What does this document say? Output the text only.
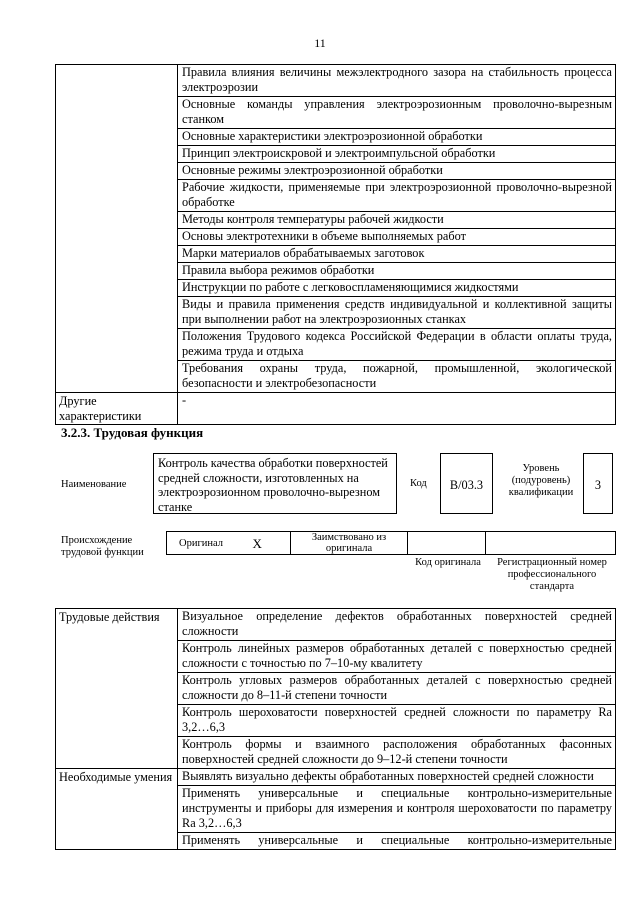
11
	Правила влияния величины межэлектродного зазора на стабильность процесса электроэрозии
	Основные команды управления электроэрозионным проволочно-вырезным станком
	Основные характеристики электроэрозионной обработки
	Принцип электроискровой и электроимпульсной обработки
	Основные режимы электроэрозионной обработки
	Рабочие жидкости, применяемые при электроэрозионной проволочно-вырезной обработке
	Методы контроля температуры рабочей жидкости
	Основы электротехники в объеме выполняемых работ
	Марки материалов обрабатываемых заготовок
	Правила выбора режимов обработки
	Инструкции по работе с легковоспламеняющимися жидкостями
	Виды и правила применения средств индивидуальной и коллективной защиты при выполнении работ на электроэрозионных станках
	Положения Трудового кодекса Российской Федерации в области оплаты труда, режима труда и отдыха
	Требования охраны труда, пожарной, промышленной, экологической безопасности и электробезопасности
Другие характеристики	-
3.2.3. Трудовая функция
Наименование
Контроль качества обработки поверхностей средней сложности, изготовленных на электроэрозионном проволочно-вырезном станке
Код	B/03.3
Уровень (подуровень) квалификации
3
Происхождение трудовой функции
Оригинал	X	Заимствовано из оригинала		
Код оригинала	Регистрационный номер профессионального стандарта
Трудовые действия	Визуальное определение дефектов обработанных поверхностей средней сложности
	Контроль линейных размеров обработанных деталей с поверхностью средней сложности с точностью по 7–10-му квалитету
	Контроль угловых размеров обработанных деталей с поверхностью средней сложности до 8–11-й степени точности
	Контроль шероховатости поверхностей средней сложности по параметру Ra 3,2…6,3
	Контроль формы и взаимного расположения обработанных фасонных поверхностей средней сложности до 9–12-й степени точности
Необходимые умения	Выявлять визуально дефекты обработанных поверхностей средней сложности
	Применять универсальные и специальные контрольно-измерительные инструменты и приборы для измерения и контроля шероховатости по параметру Ra 3,2…6,3
	Применять универсальные и специальные контрольно-измерительные
